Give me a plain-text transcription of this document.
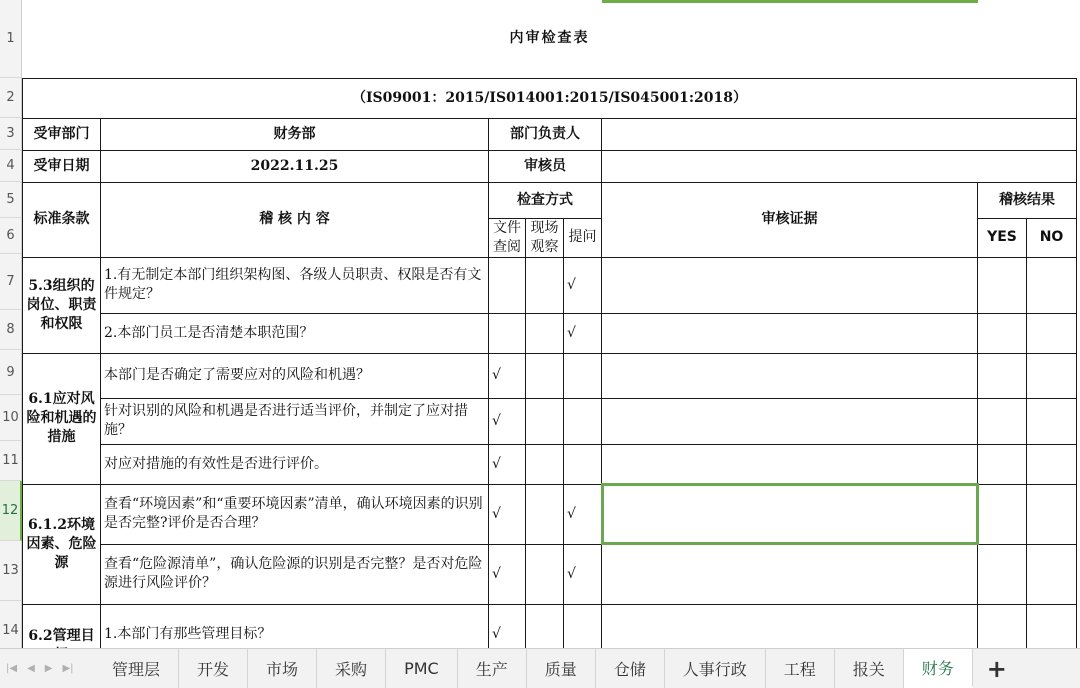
1
2
3
4
5
6
7
8
9
10
11
12
13
14
内审检查表							
（IS09001：2015/IS014001:2015/IS045001:2018）							
受审部门	财务部	部门负责人					
受审日期	2022.11.25	审核员					
标准条款	稽 核 内 容	检查方式			审核证据	稽核结果	
		文件查阅	现场观察	提问		YES	NO
5.3组织的岗位、职责和权限	1.有无制定本部门组织架构图、各级人员职责、权限是否有文件规定？			√			
	2.本部门员工是否清楚本职范围？			√			
6.1应对风险和机遇的措施	本部门是否确定了需要应对的风险和机遇？	√					
	针对识别的风险和机遇是否进行适当评价，并制定了应对措施？	√					
	对应对措施的有效性是否进行评价。	√					
6.1.2环境因素、危险源	查看“环境因素”和“重要环境因素”清单，确认环境因素的识别是否完整?评价是否合理？	√		√			
	查看“危险源清单”，确认危险源的识别是否完整？是否对危险源进行风险评价？	√		√			
6.2管理目	1.本部门有那些管理目标？	√					
|◀ ◀ ▶ ▶|	管理层	开发	市场	采购	PMC	生产	质量	仓储	人事行政	工程	报关	财务	+
